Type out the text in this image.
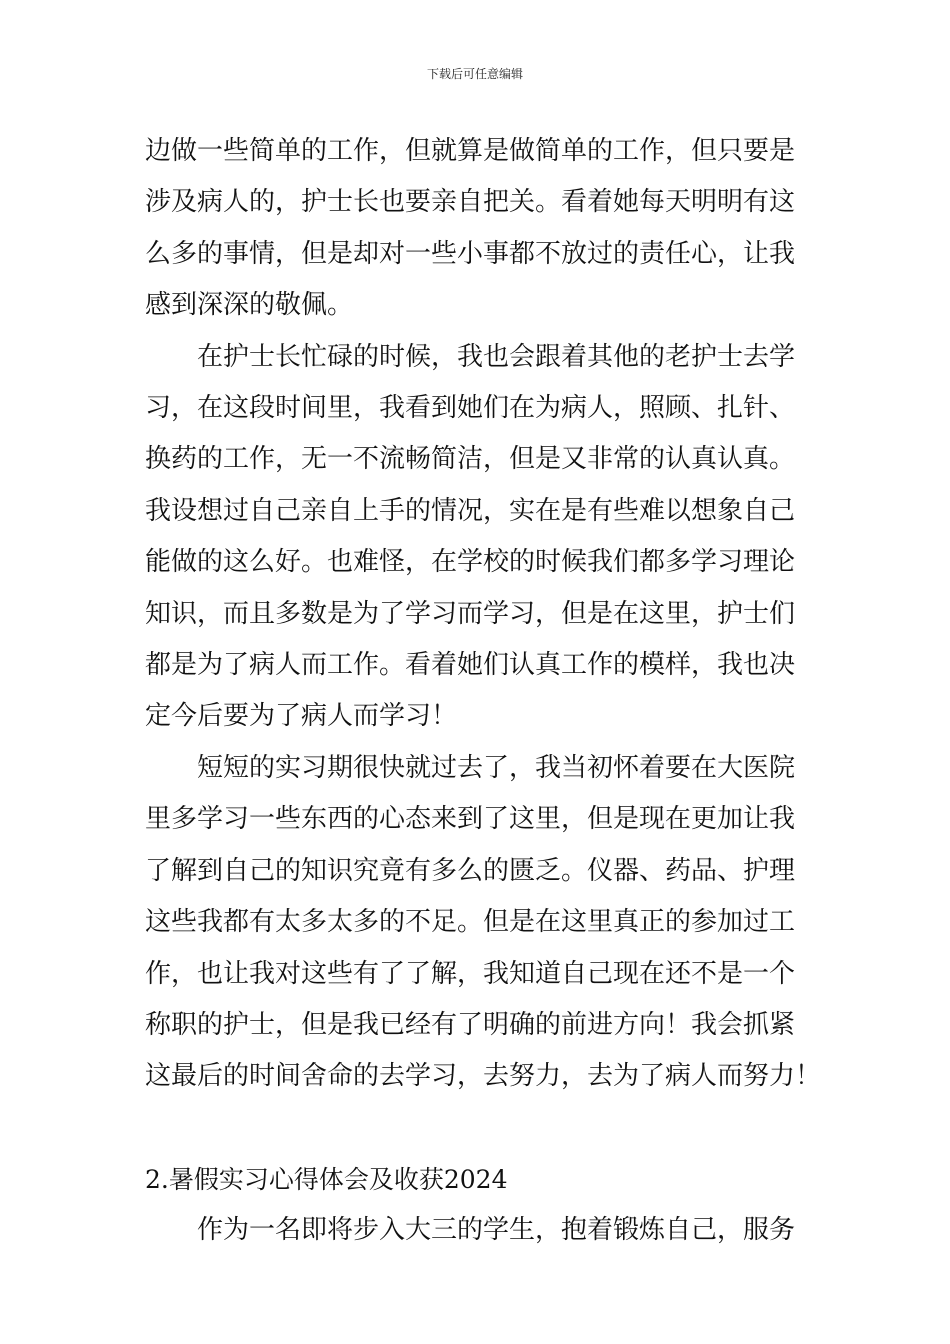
下载后可任意编辑
边做一些简单的工作，但就算是做简单的工作，但只要是
涉及病人的，护士长也要亲自把关。看着她每天明明有这
么多的事情，但是却对一些小事都不放过的责任心，让我
感到深深的敬佩。
在护士长忙碌的时候，我也会跟着其他的老护士去学
习，在这段时间里，我看到她们在为病人，照顾、扎针、
换药的工作，无一不流畅简洁，但是又非常的认真认真。
我设想过自己亲自上手的情况，实在是有些难以想象自己
能做的这么好。也难怪，在学校的时候我们都多学习理论
知识，而且多数是为了学习而学习，但是在这里，护士们
都是为了病人而工作。看着她们认真工作的模样，我也决
定今后要为了病人而学习！
短短的实习期很快就过去了，我当初怀着要在大医院
里多学习一些东西的心态来到了这里，但是现在更加让我
了解到自己的知识究竟有多么的匮乏。仪器、药品、护理
这些我都有太多太多的不足。但是在这里真正的参加过工
作，也让我对这些有了了解，我知道自己现在还不是一个
称职的护士，但是我已经有了明确的前进方向！我会抓紧
这最后的时间舍命的去学习，去努力，去为了病人而努力！
2.暑假实习心得体会及收获2024
作为一名即将步入大三的学生，抱着锻炼自己，服务
